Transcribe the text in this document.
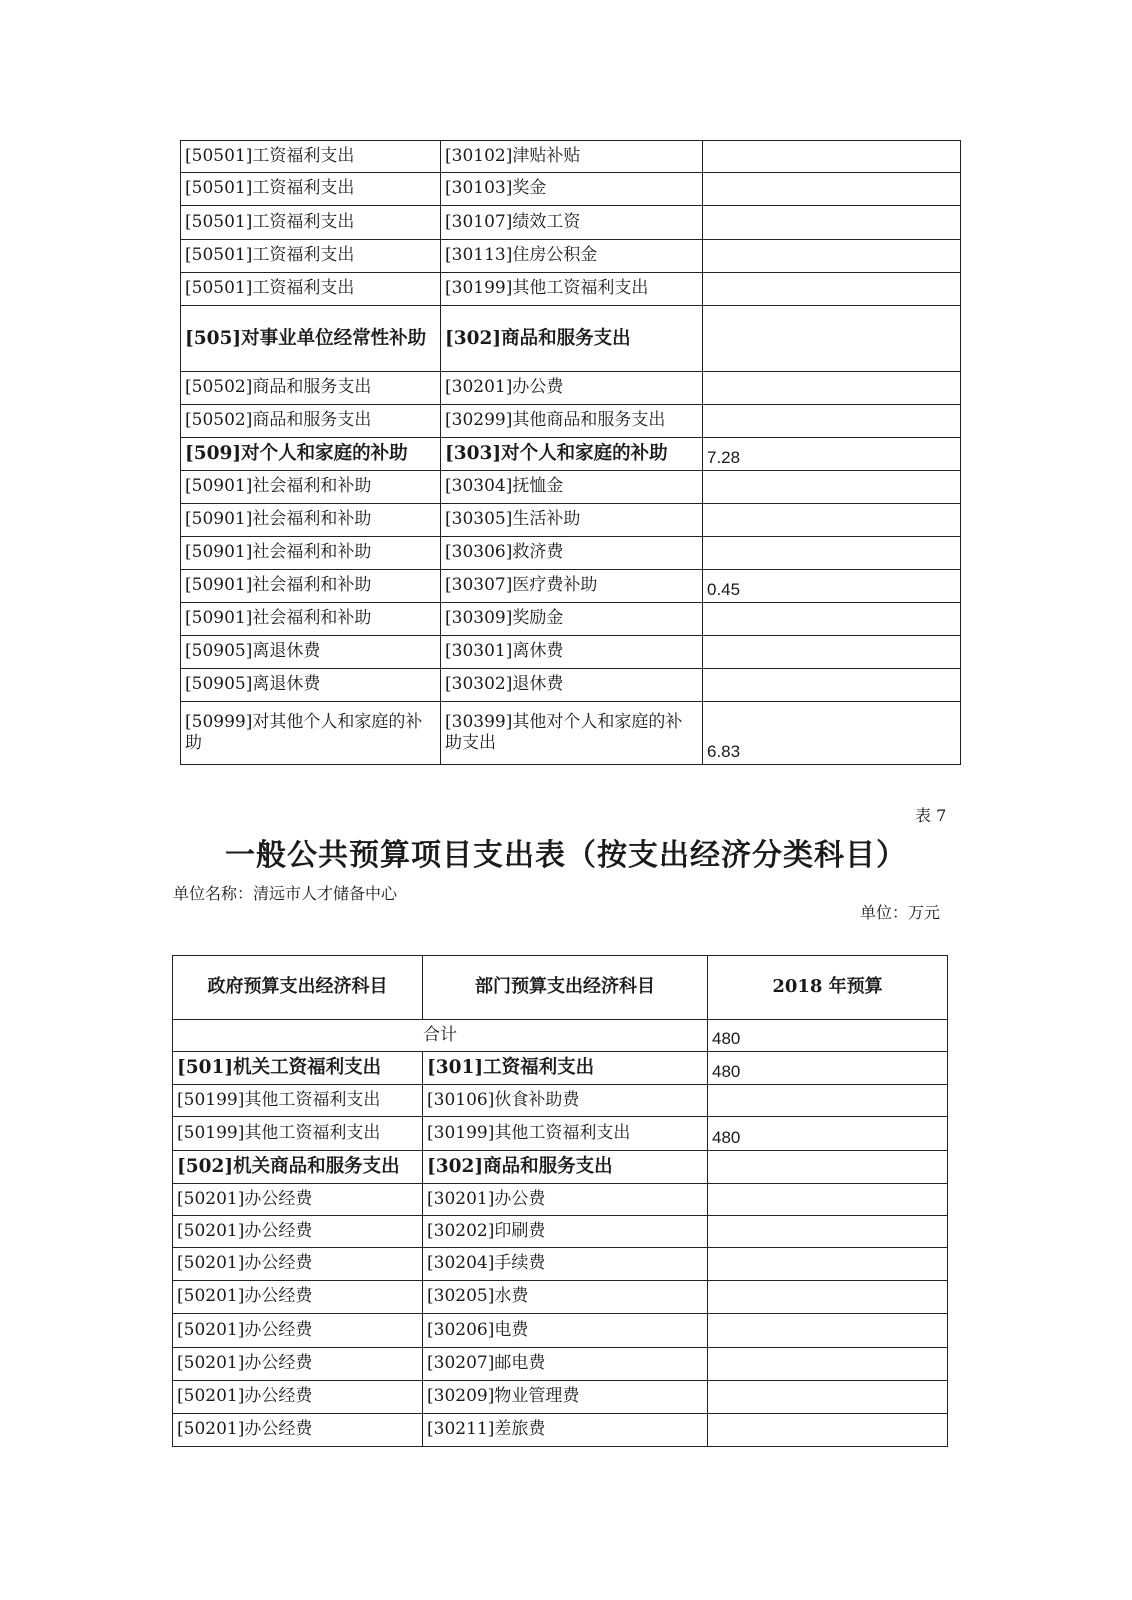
[50501]工资福利支出	[30102]津贴补贴	
[50501]工资福利支出	[30103]奖金	
[50501]工资福利支出	[30107]绩效工资	
[50501]工资福利支出	[30113]住房公积金	
[50501]工资福利支出	[30199]其他工资福利支出	
[505]对事业单位经常性补助	[302]商品和服务支出	
[50502]商品和服务支出	[30201]办公费	
[50502]商品和服务支出	[30299]其他商品和服务支出	
[509]对个人和家庭的补助	[303]对个人和家庭的补助	7.28
[50901]社会福利和补助	[30304]抚恤金	
[50901]社会福利和补助	[30305]生活补助	
[50901]社会福利和补助	[30306]救济费	
[50901]社会福利和补助	[30307]医疗费补助	0.45
[50901]社会福利和补助	[30309]奖励金	
[50905]离退休费	[30301]离休费	
[50905]离退休费	[30302]退休费	
[50999]对其他个人和家庭的补助	[30399]其他对个人和家庭的补助支出	6.83
表 7
一般公共预算项目支出表（按支出经济分类科目）
单位名称：清远市人才储备中心
单位：万元
政府预算支出经济科目	部门预算支出经济科目	2018 年预算
合计		480
[501]机关工资福利支出	[301]工资福利支出	480
[50199]其他工资福利支出	[30106]伙食补助费	
[50199]其他工资福利支出	[30199]其他工资福利支出	480
[502]机关商品和服务支出	[302]商品和服务支出	
[50201]办公经费	[30201]办公费	
[50201]办公经费	[30202]印刷费	
[50201]办公经费	[30204]手续费	
[50201]办公经费	[30205]水费	
[50201]办公经费	[30206]电费	
[50201]办公经费	[30207]邮电费	
[50201]办公经费	[30209]物业管理费	
[50201]办公经费	[30211]差旅费	
